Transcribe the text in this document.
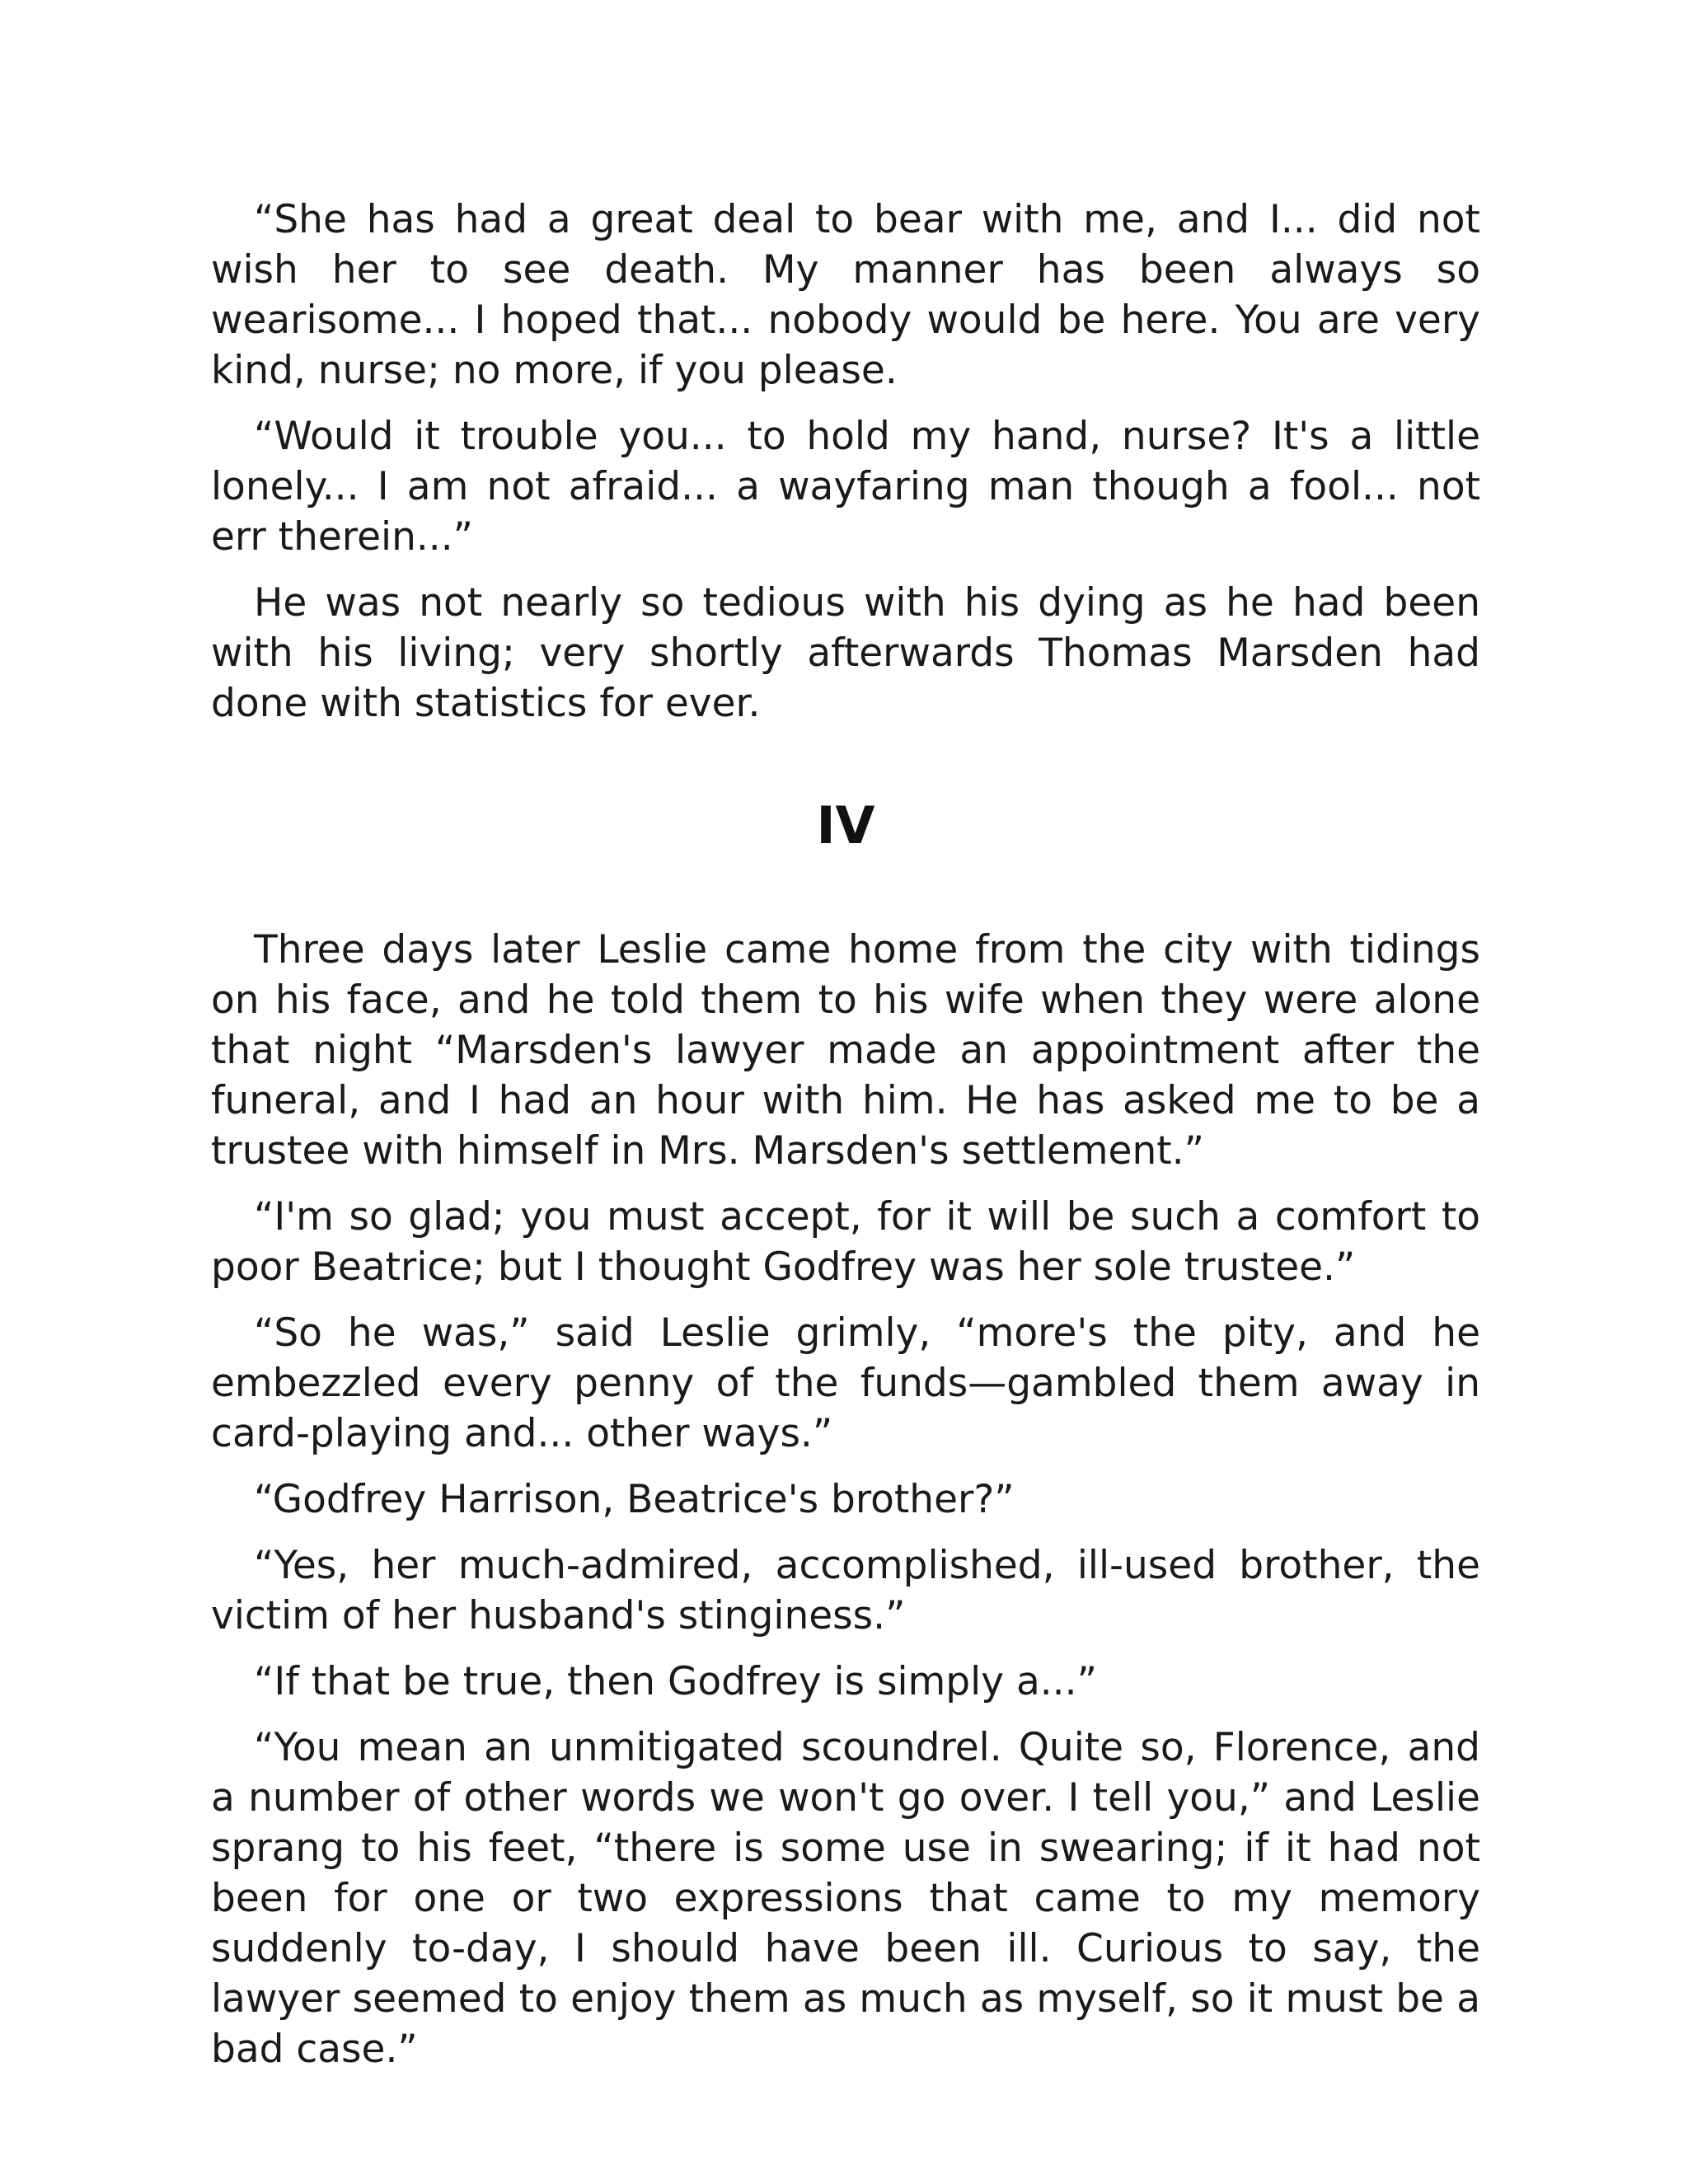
“She has had a great deal to bear with me, and I... did not wish her to see death. My manner has been always so wearisome... I hoped that... nobody would be here. You are very kind, nurse; no more, if you please.

“Would it trouble you... to hold my hand, nurse? It's a little lonely... I am not afraid... a wayfaring man though a fool... not err therein...”

He was not nearly so tedious with his dying as he had been with his living; very shortly afterwards Thomas Marsden had done with statistics for ever.

IV

Three days later Leslie came home from the city with tidings on his face, and he told them to his wife when they were alone that night “Marsden's lawyer made an appointment after the funeral, and I had an hour with him. He has asked me to be a trustee with himself in Mrs. Marsden's settlement.”

“I'm so glad; you must accept, for it will be such a comfort to poor Beatrice; but I thought Godfrey was her sole trustee.”

“So he was,” said Leslie grimly, “more's the pity, and he embezzled every penny of the funds—gambled them away in card-playing and... other ways.”

“Godfrey Harrison, Beatrice's brother?”

“Yes, her much-admired, accomplished, ill-used brother, the victim of her husband's stinginess.”

“If that be true, then Godfrey is simply a...”

“You mean an unmitigated scoundrel. Quite so, Florence, and a number of other words we won't go over. I tell you,” and Leslie sprang to his feet, “there is some use in swearing; if it had not been for one or two expressions that came to my memory suddenly to-day, I should have been ill. Curious to say, the lawyer seemed to enjoy them as much as myself, so it must be a bad case.”
